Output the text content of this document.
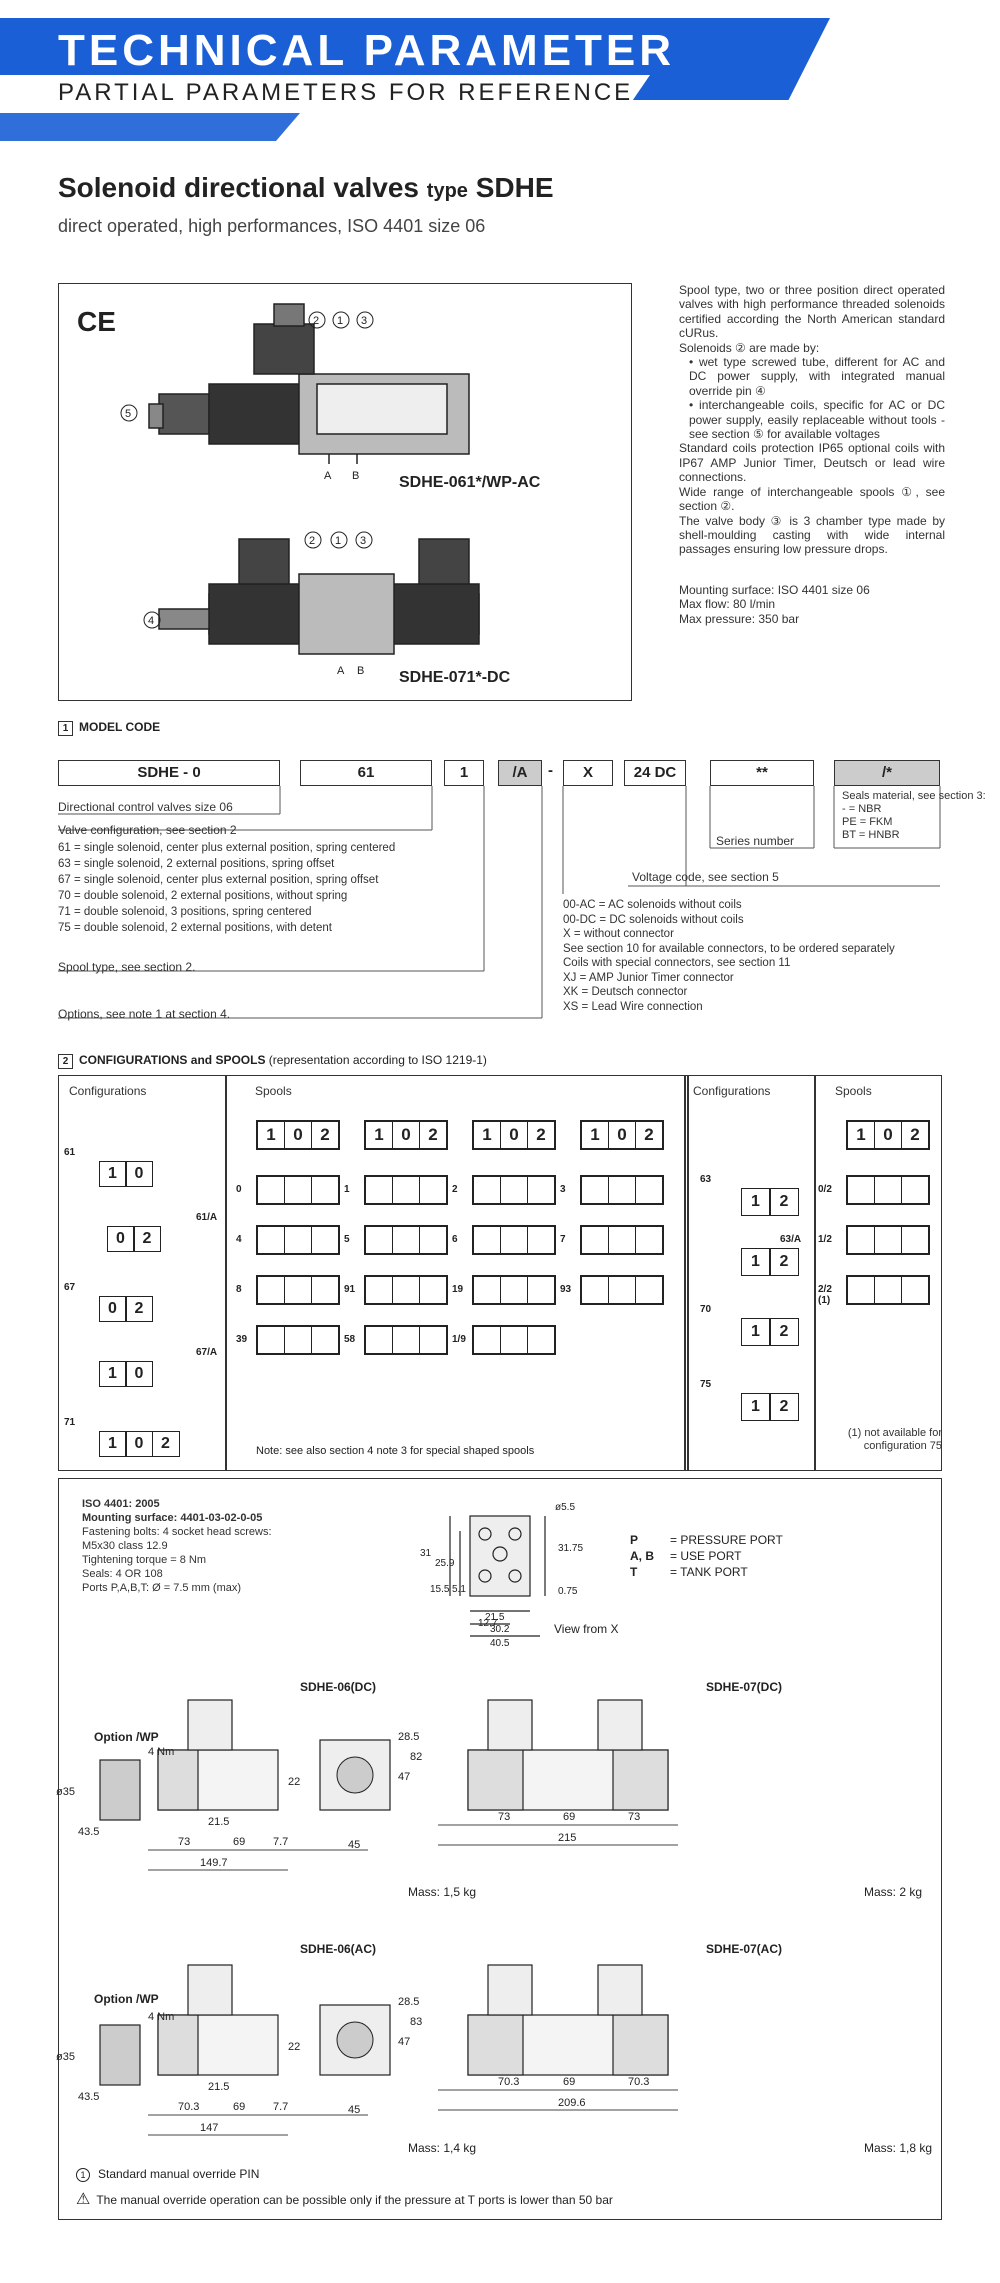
TECHNICAL PARAMETER
PARTIAL PARAMETERS FOR REFERENCE
Solenoid directional valves type SDHE
direct operated, high performances, ISO 4401 size 06
CE	2 1 3
5
2 1 3
4
A B
A B
SDHE-061*/WP-AC
SDHE-071*-DC
Spool type, two or three position direct operated valves with high performance threaded solenoids certified according the North American standard cURus.
Solenoids ② are made by:
• wet type screwed tube, different for AC and DC power supply, with integrated manual override pin ④
• interchangeable coils, specific for AC or DC power supply, easily replaceable without tools - see section ⑤ for available voltages
Standard coils protection IP65 optional coils with IP67 AMP Junior Timer, Deutsch or lead wire connections.
Wide range of interchangeable spools ①, see section ②.
The valve body ③ is 3 chamber type made by shell-moulding casting with wide internal passages ensuring low pressure drops.
Mounting surface: ISO 4401 size 06
Max flow: 80 l/min
Max pressure: 350 bar
1 MODEL CODE
SDHE - 0	61	1	/A	-	X	24 DC	**	/*
Directional control valves size 06
Valve configuration, see section 2
61 = single solenoid, center plus external position, spring centered
63 = single solenoid, 2 external positions, spring offset
67 = single solenoid, center plus external position, spring offset
70 = double solenoid, 2 external positions, without spring
71 = double solenoid, 3 positions, spring centered
75 = double solenoid, 2 external positions, with detent
Spool type, see section 2.
Options, see note 1 at section 4.
Seals material, see section 3:
- = NBR
PE = FKM
BT = HNBR
Series number
Voltage code, see section 5
00-AC = AC solenoids without coils
00-DC = DC solenoids without coils
X = without connector
See section 10 for available connectors, to be ordered separately
Coils with special connectors, see section 11
XJ = AMP Junior Timer connector
XK = Deutsch connector
XS = Lead Wire connection
2 CONFIGURATIONS and SPOOLS (representation according to ISO 1219-1)
Configurations	Spools	Configurations	Spools
61
1	0
61/A
0	2
67
0	2
67/A
1	0
71
1	0	2
63
1	2
63/A
1	2
70
1	2
75
1	2
1	0	2	1	0	2	1	0	2	1	0	2
0	1	2	3
4	5	6	7
8	91	19	93
39	58	1/9
1	0	2
0/2
1/2
2/2 (1)
Note: see also section 4 note 3 for special shaped spools
(1) not available for configuration 75
ISO 4401: 2005
Mounting surface: 4401-03-02-0-05
Fastening bolts: 4 socket head screws:
M5x30 class 12.9
Tightening torque = 8 Nm
Seals: 4 OR 108
Ports P,A,B,T: Ø = 7.5 mm (max)
31
25.9
15.5 5.1
12.7
21.5
30.2
40.5
31.75
0.75
ø5.5
P	= PRESSURE PORT
A, B = USE PORT
T	= TANK PORT
View from X
SDHE-06(DC)	SDHE-07(DC)
SDHE-06(AC)	SDHE-07(AC)
Option /WP
Option /WP
43.5
ø35
4 Nm
73	69	7.7
149.7
21.5
22
28.5
47
82
45
73	69	73
215
43.5
ø35
4 Nm
70.3	69	7.7
147
21.5
22
28.5
47
83
45
70.3	69	70.3
209.6
Mass: 1,5 kg	Mass: 2 kg
Mass: 1,4 kg	Mass: 1,8 kg
1 Standard manual override PIN
⚠ The manual override operation can be possible only if the pressure at T ports is lower than 50 bar
